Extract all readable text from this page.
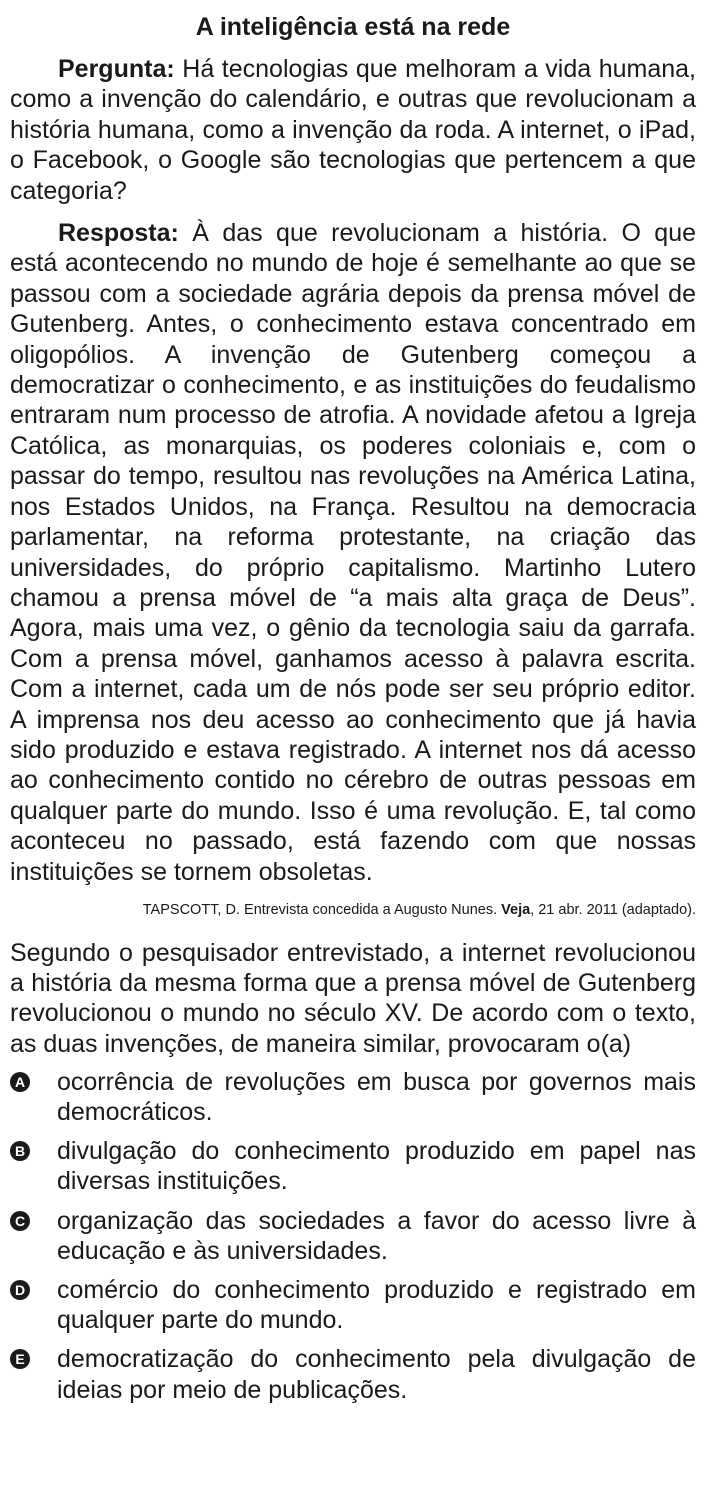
A inteligência está na rede

Pergunta: Há tecnologias que melhoram a vida humana, como a invenção do calendário, e outras que revolucionam a história humana, como a invenção da roda. A internet, o iPad, o Facebook, o Google são tecnologias que pertencem a que categoria?

Resposta: À das que revolucionam a história. O que está acontecendo no mundo de hoje é semelhante ao que se passou com a sociedade agrária depois da prensa móvel de Gutenberg. Antes, o conhecimento estava concentrado em oligopólios. A invenção de Gutenberg começou a democratizar o conhecimento, e as instituições do feudalismo entraram num processo de atrofia. A novidade afetou a Igreja Católica, as monarquias, os poderes coloniais e, com o passar do tempo, resultou nas revoluções na América Latina, nos Estados Unidos, na França. Resultou na democracia parlamentar, na reforma protestante, na criação das universidades, do próprio capitalismo. Martinho Lutero chamou a prensa móvel de “a mais alta graça de Deus”. Agora, mais uma vez, o gênio da tecnologia saiu da garrafa. Com a prensa móvel, ganhamos acesso à palavra escrita. Com a internet, cada um de nós pode ser seu próprio editor. A imprensa nos deu acesso ao conhecimento que já havia sido produzido e estava registrado. A internet nos dá acesso ao conhecimento contido no cérebro de outras pessoas em qualquer parte do mundo. Isso é uma revolução. E, tal como aconteceu no passado, está fazendo com que nossas instituições se tornem obsoletas.

TAPSCOTT, D. Entrevista concedida a Augusto Nunes. Veja, 21 abr. 2011 (adaptado).
Segundo o pesquisador entrevistado, a internet revolucionou a história da mesma forma que a prensa móvel de Gutenberg revolucionou o mundo no século XV. De acordo com o texto, as duas invenções, de maneira similar, provocaram o(a)
A ocorrência de revoluções em busca por governos mais democráticos.
B divulgação do conhecimento produzido em papel nas diversas instituições.
C organização das sociedades a favor do acesso livre à educação e às universidades.
D comércio do conhecimento produzido e registrado em qualquer parte do mundo.
E democratização do conhecimento pela divulgação de ideias por meio de publicações.
